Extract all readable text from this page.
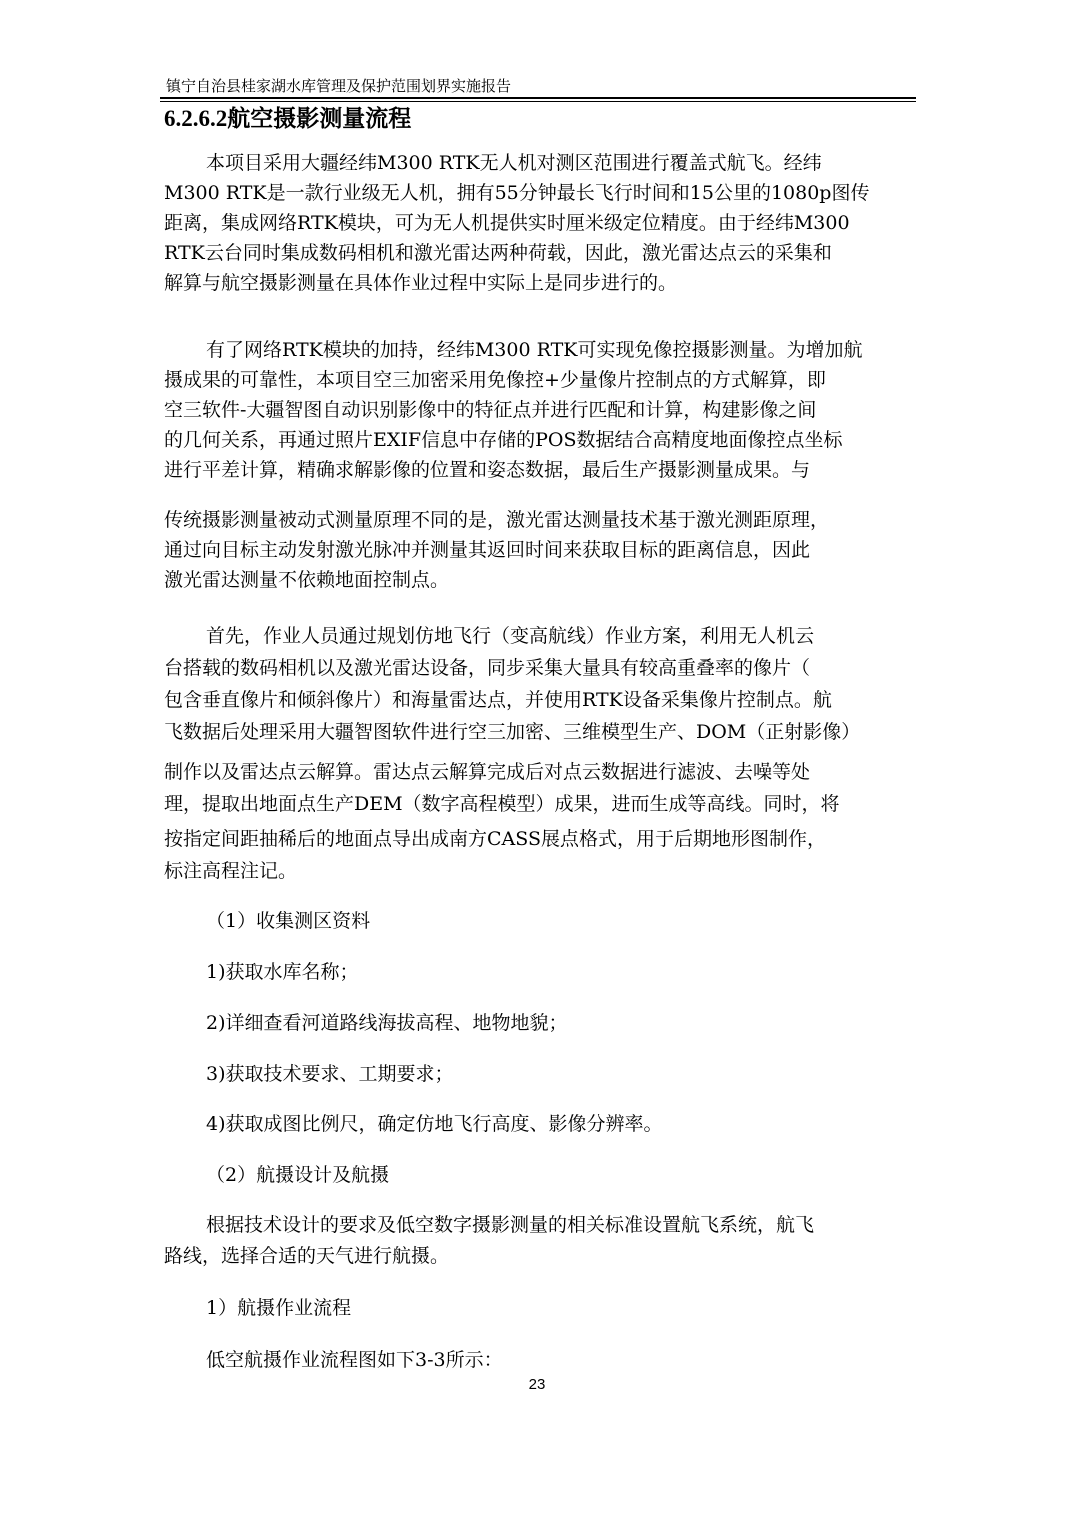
镇宁自治县桂家湖水库管理及保护范围划界实施报告
6.2.6.2航空摄影测量流程
本项目采用大疆经纬M300 RTK无人机对测区范围进行覆盖式航飞。经纬
M300 RTK是一款行业级无人机，拥有55分钟最长飞行时间和15公里的1080p图传
距离，集成网络RTK模块，可为无人机提供实时厘米级定位精度。由于经纬M300
RTK云台同时集成数码相机和激光雷达两种荷载，因此，激光雷达点云的采集和
解算与航空摄影测量在具体作业过程中实际上是同步进行的。
有了网络RTK模块的加持，经纬M300 RTK可实现免像控摄影测量。为增加航
摄成果的可靠性，本项目空三加密采用免像控+少量像片控制点的方式解算，即
空三软件-大疆智图自动识别影像中的特征点并进行匹配和计算，构建影像之间
的几何关系，再通过照片EXIF信息中存储的POS数据结合高精度地面像控点坐标
进行平差计算，精确求解影像的位置和姿态数据，最后生产摄影测量成果。与
传统摄影测量被动式测量原理不同的是，激光雷达测量技术基于激光测距原理，
通过向目标主动发射激光脉冲并测量其返回时间来获取目标的距离信息，因此
激光雷达测量不依赖地面控制点。
首先，作业人员通过规划仿地飞行（变高航线）作业方案，利用无人机云
台搭载的数码相机以及激光雷达设备，同步采集大量具有较高重叠率的像片（
包含垂直像片和倾斜像片）和海量雷达点，并使用RTK设备采集像片控制点。航
飞数据后处理采用大疆智图软件进行空三加密、三维模型生产、DOM（正射影像）
制作以及雷达点云解算。雷达点云解算完成后对点云数据进行滤波、去噪等处
理，提取出地面点生产DEM（数字高程模型）成果，进而生成等高线。同时，将
按指定间距抽稀后的地面点导出成南方CASS展点格式，用于后期地形图制作，
标注高程注记。
（1）收集测区资料
1)获取水库名称；
2)详细查看河道路线海拔高程、地物地貌；
3)获取技术要求、工期要求；
4)获取成图比例尺，确定仿地飞行高度、影像分辨率。
（2）航摄设计及航摄
根据技术设计的要求及低空数字摄影测量的相关标准设置航飞系统，航飞
路线，选择合适的天气进行航摄。
1）航摄作业流程
低空航摄作业流程图如下3-3所示：
23
